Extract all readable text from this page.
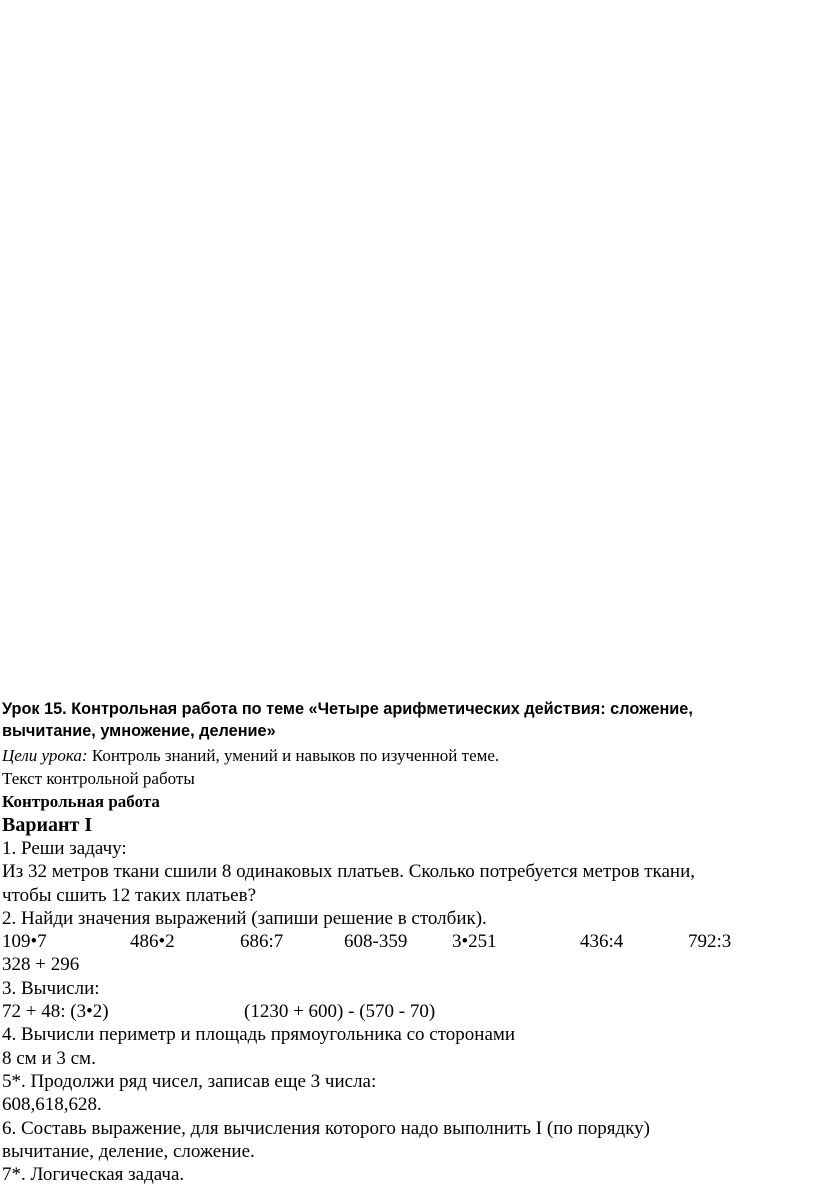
Урок 15. Контрольная работа по теме «Четыре арифметических действия: сложение,

вычитание, умножение, деление»

Цели урока: Контроль знаний, умений и навыков по изученной теме.

Текст контрольной работы

Контрольная работа

Вариант I

1. Реши задачу:

Из 32 метров ткани сшили 8 одинаковых платьев. Сколько потребуется метров ткани,

чтобы сшить 12 таких платьев?

2. Найди значения выражений (запиши решение в столбик).

109•7	486•2	686:7	608-359 3•251	436:4	792:3

328 + 296

3. Вычисли:

72 + 48: (3•2)	(1230 + 600) - (570 - 70)

4. Вычисли периметр и площадь прямоугольника со сторонами

8 см и 3 см.

5*. Продолжи ряд чисел, записав еще 3 числа:

608,618,628.

6. Составь выражение, для вычисления которого надо выполнить I (по порядку)

вычитание, деление, сложение.

7*. Логическая задача.
